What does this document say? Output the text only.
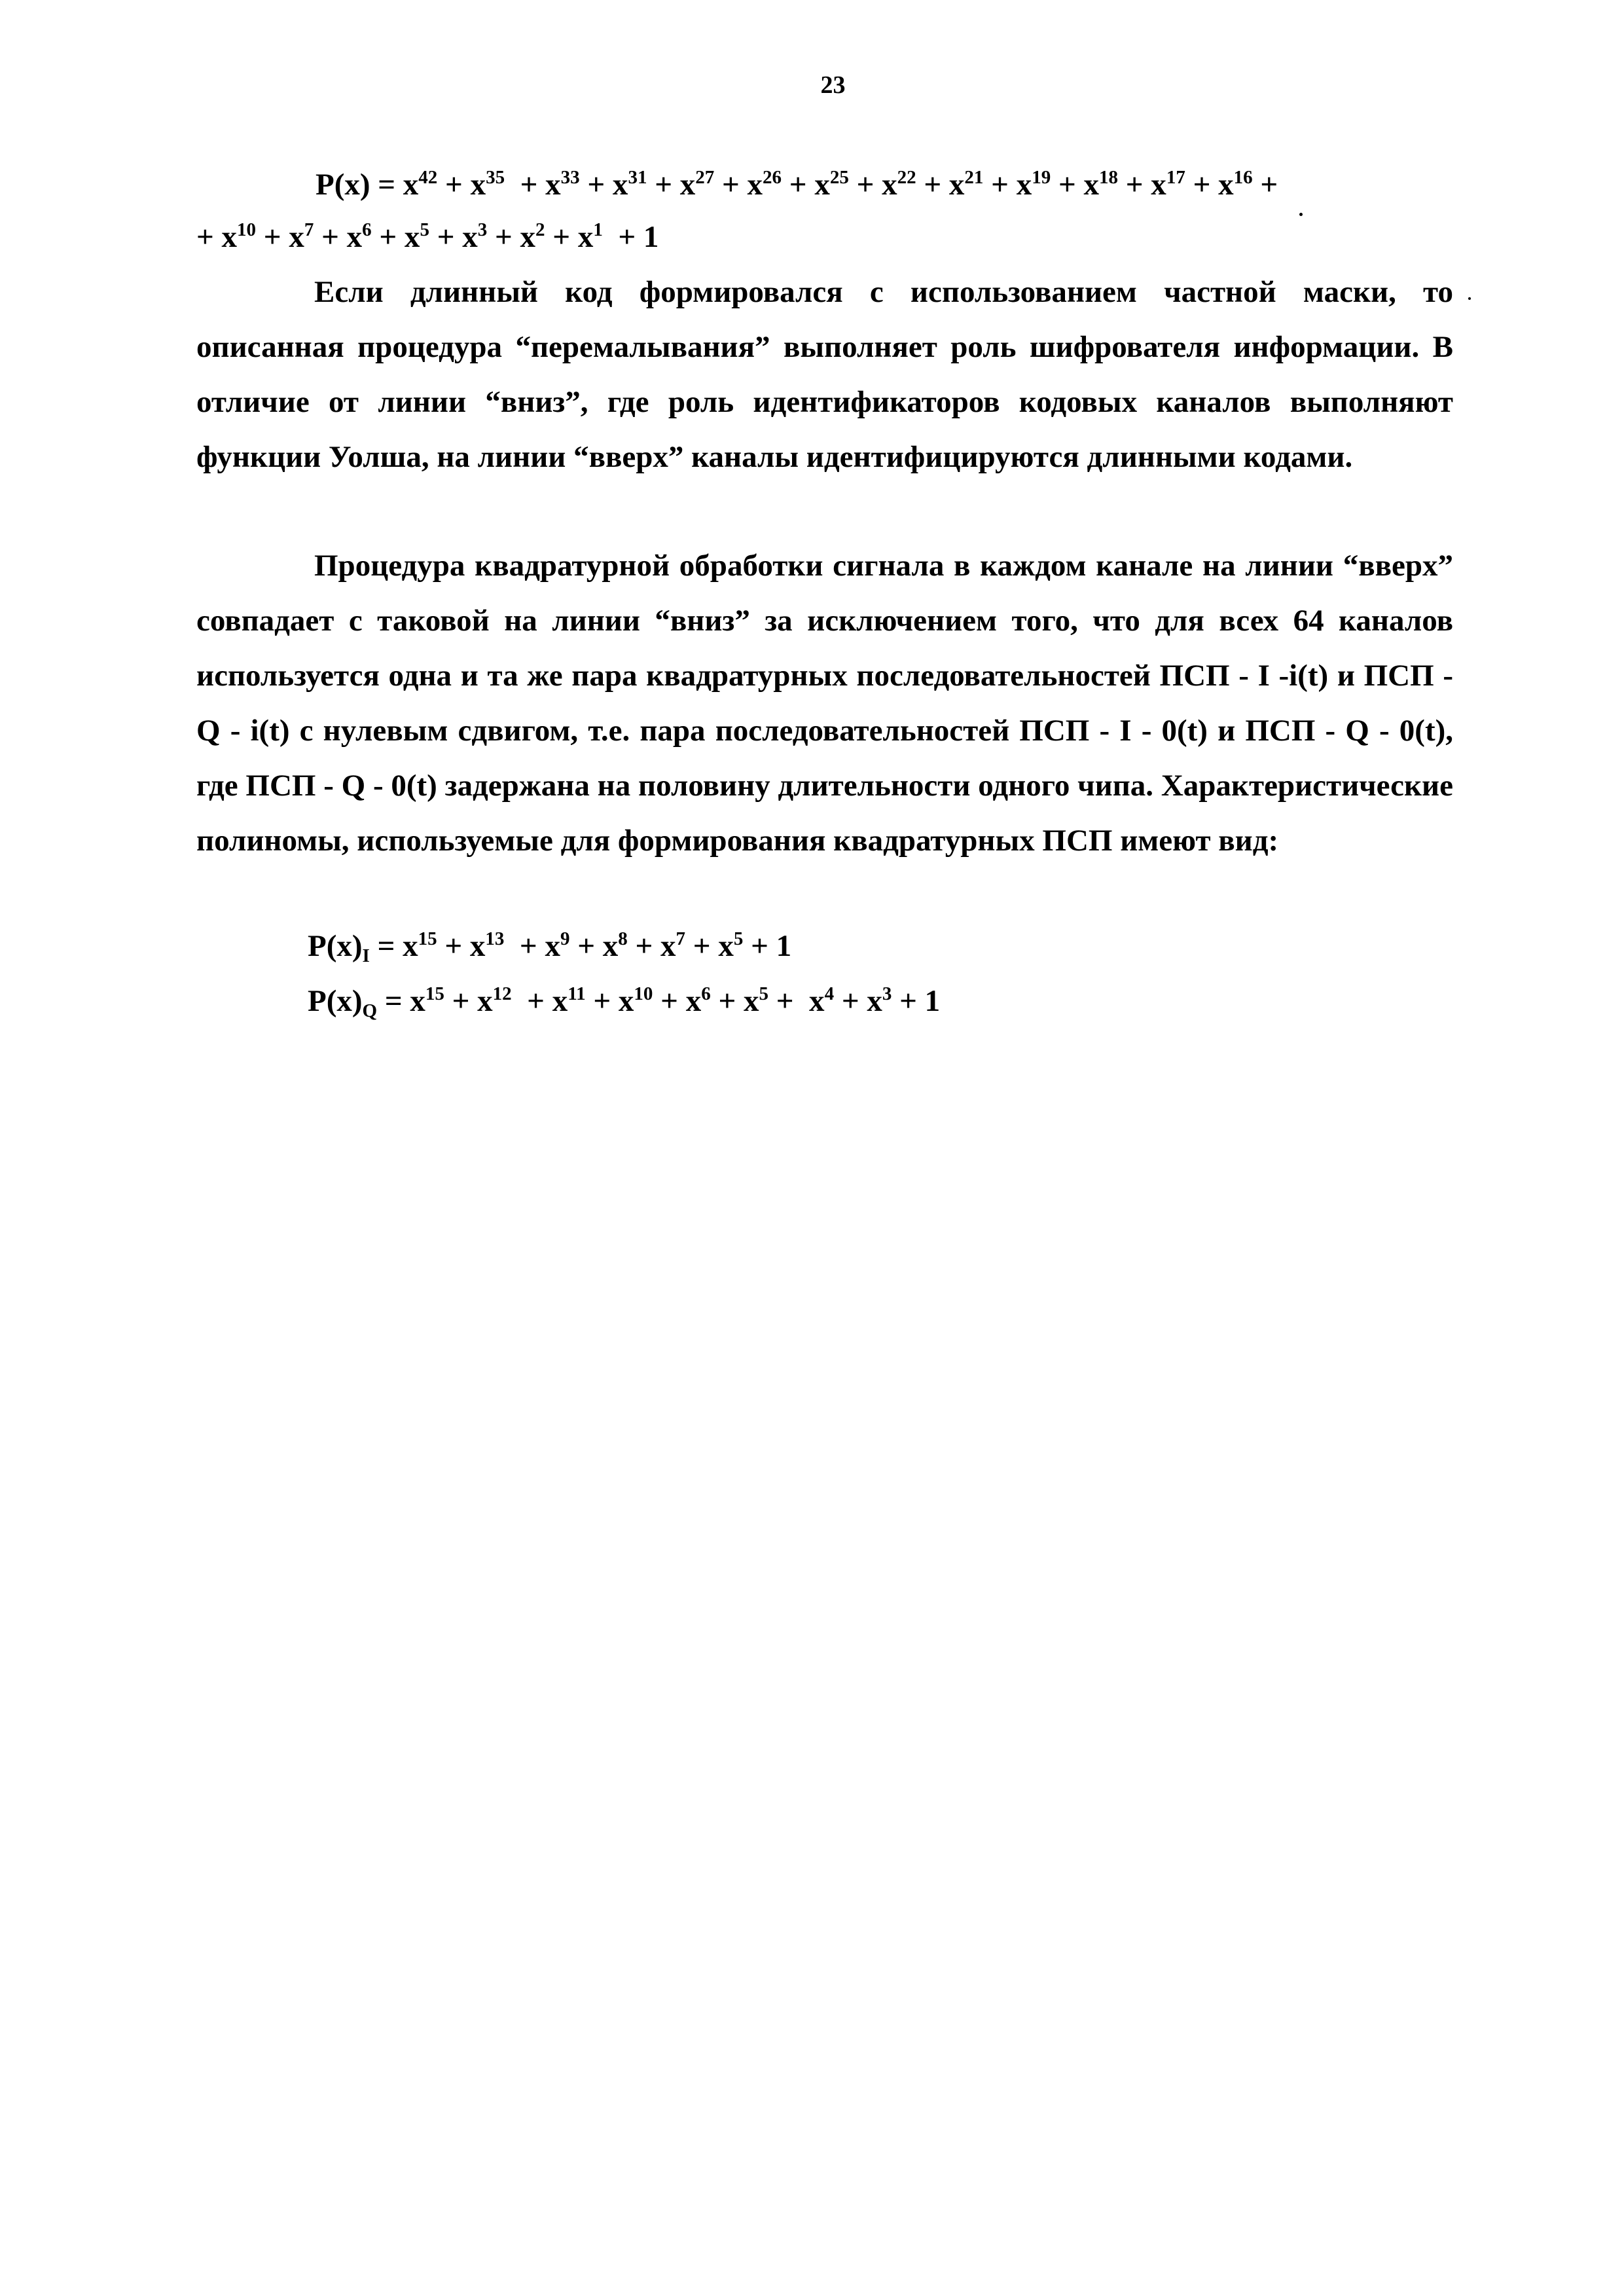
23
$P(x) = x^{42} + x^{35} + x^{33} + x^{31} + x^{27} + x^{26} + x^{25} + x^{22} + x^{21} + x^{19} + x^{18} + x^{17} + x^{16}$ +
+ $x^{10} + x^7 + x^6 + x^5 + x^3 + x^2 + x^1 + 1$
Если длинный код формировался с использованием частной маски, то описанная процедура “перемалывания” выполняет роль шифрователя информации. В отличие от линии “вниз”, где роль идентификаторов кодовых каналов выполняют функции Уолша, на линии “вверх” каналы идентифицируются длинными кодами.
Процедура квадратурной обработки сигнала в каждом канале на линии “вверх” совпадает с таковой на линии “вниз” за исключением того, что для всех 64 каналов используется одна и та же пара квадратурных последовательностей ПСП - I -i(t) и ПСП - Q - i(t) с нулевым сдвигом, т.е. пара последовательностей ПСП - I - 0(t) и ПСП - Q - 0(t), где ПСП - Q - 0(t) задержана на половину длительности одного чипа. Характеристические полиномы, используемые для формирования квадратурных ПСП имеют вид:
$P(x)_I = x^{15} + x^{13} + x^9 + x^8 + x^7 + x^5 + 1$
$P(x)_Q = x^{15} + x^{12} + x^{11} + x^{10} + x^6 + x^5 + x^4 + x^3 + 1$
